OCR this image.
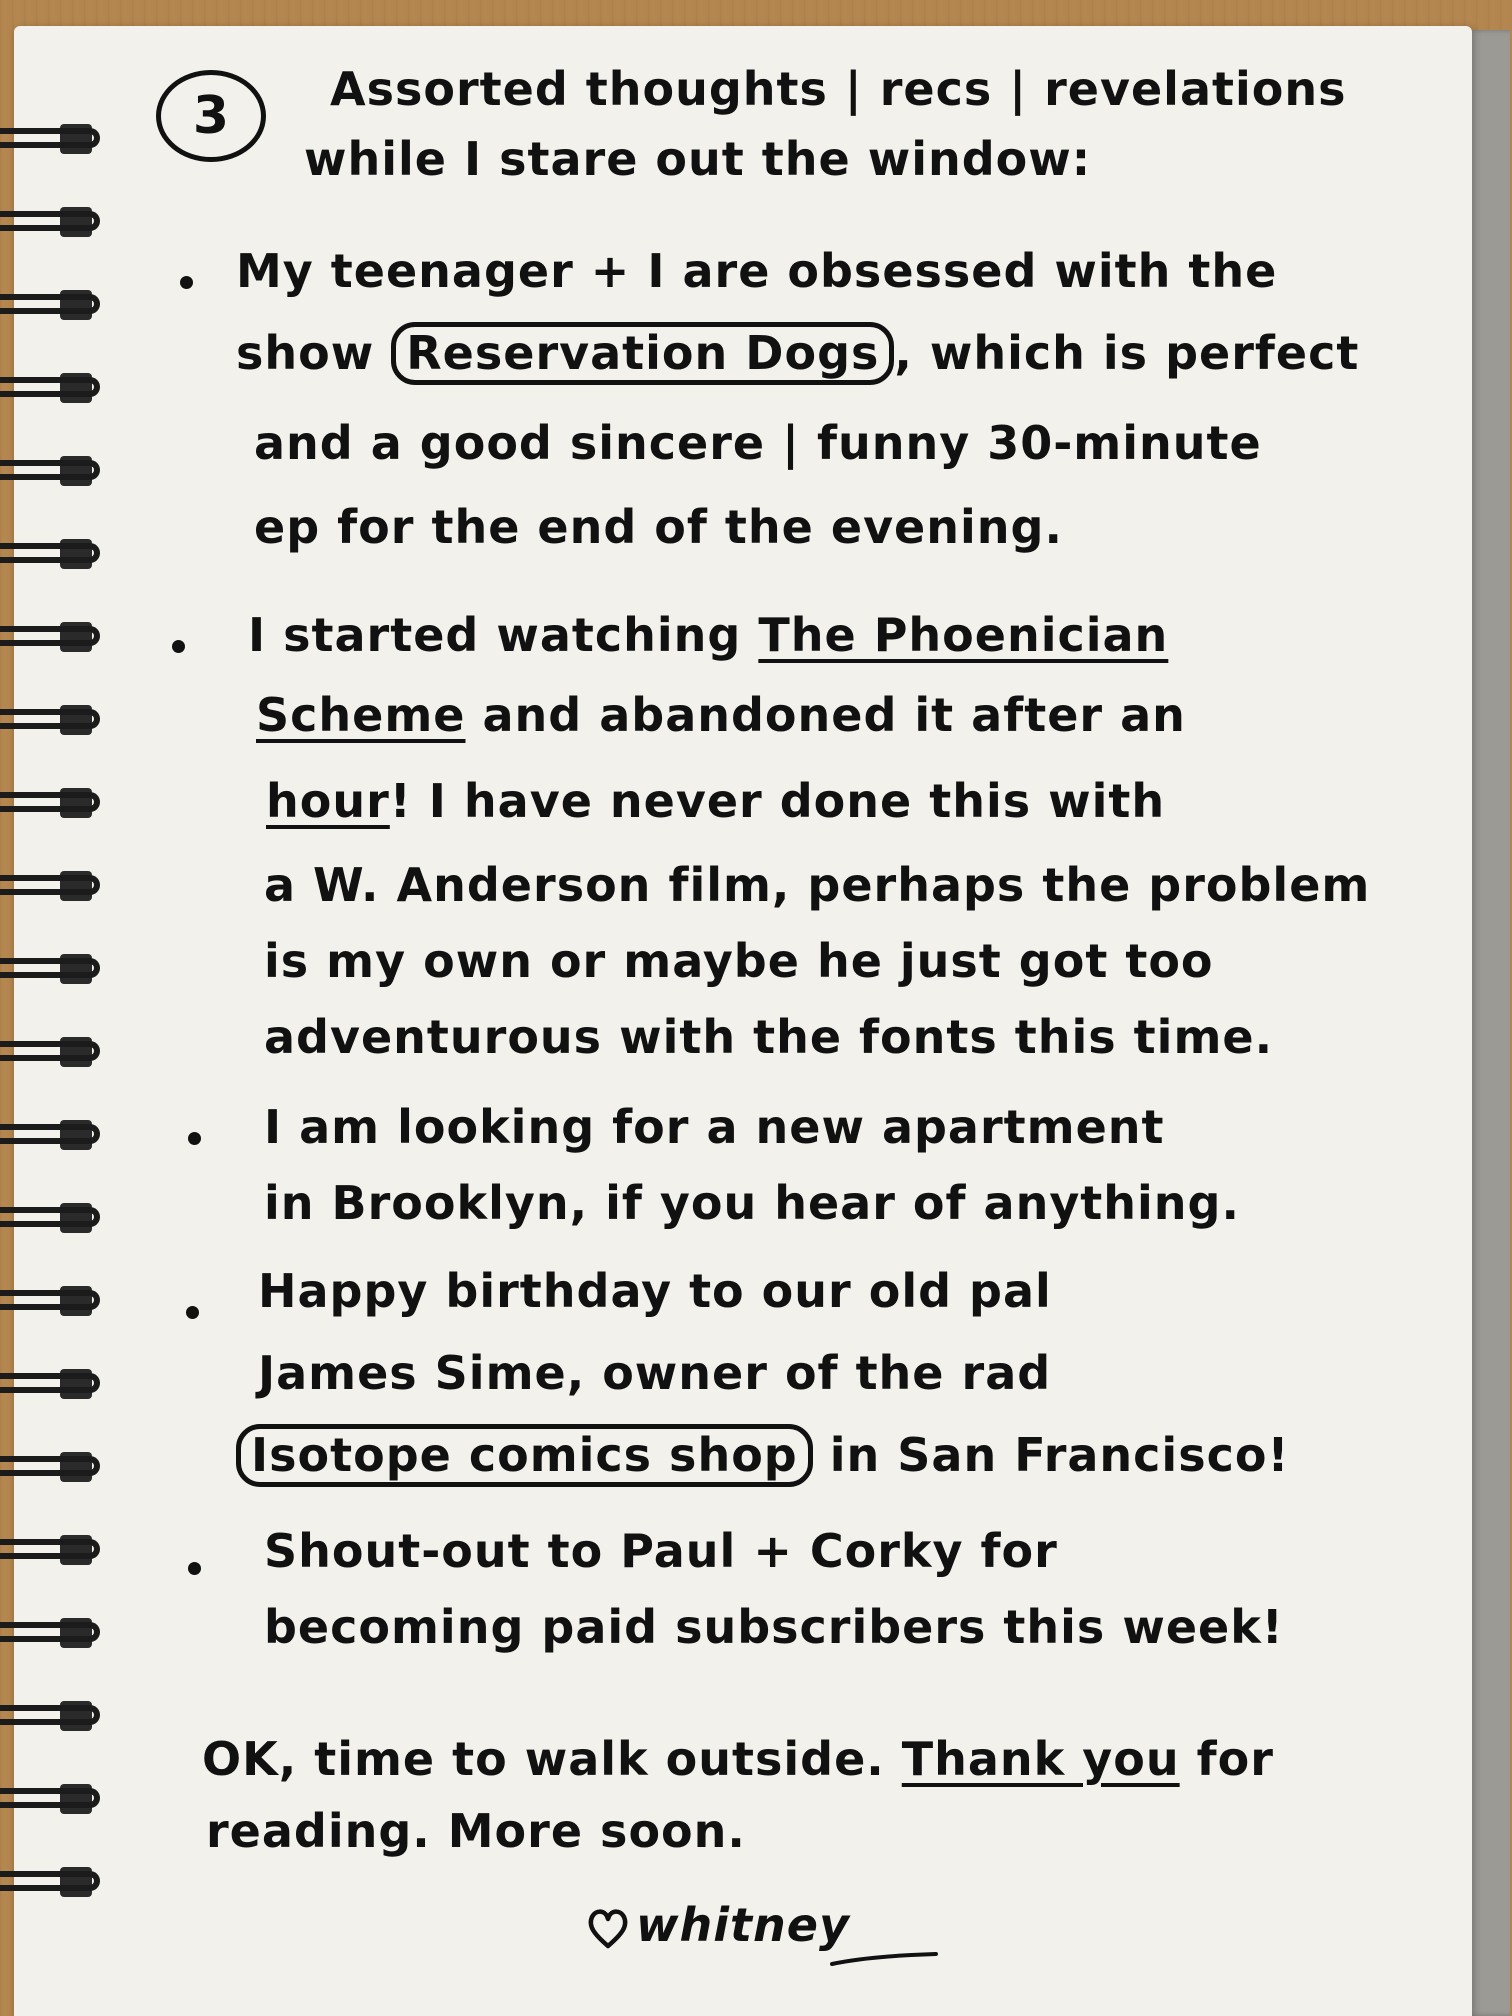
3 Assorted thoughts | recs | revelations

while I stare out the window:

My teenager + I are obsessed with the

show Reservation Dogs , which is perfect

and a good sincere | funny 30-minute

ep for the end of the evening.

I started watching The Phoenician

Scheme and abandoned it after an

hour! I have never done this with

a W. Anderson film, perhaps the problem

is my own or maybe he just got too

adventurous with the fonts this time.

I am looking for a new apartment

in Brooklyn, if you hear of anything.

Happy birthday to our old pal

James Sime, owner of the rad

Isotope comics shop in San Francisco!

Shout-out to Paul + Corky for

becoming paid subscribers this week!

OK, time to walk outside. Thank you for

reading. More soon.

whitney
